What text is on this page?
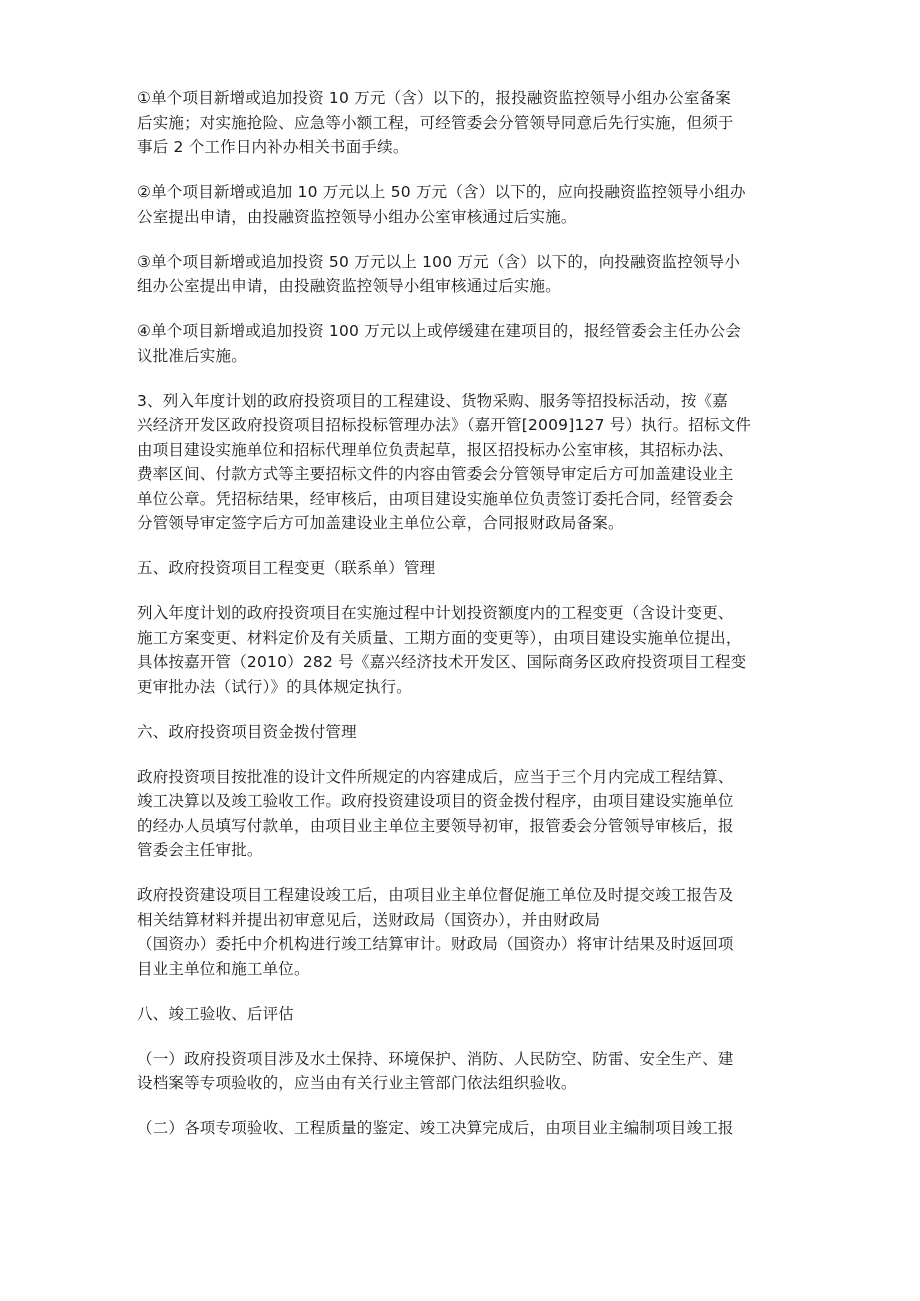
①单个项目新增或追加投资 10 万元（含）以下的，报投融资监控领导小组办公室备案
后实施；对实施抢险、应急等小额工程，可经管委会分管领导同意后先行实施，但须于
事后 2 个工作日内补办相关书面手续。
②单个项目新增或追加 10 万元以上 50 万元（含）以下的，应向投融资监控领导小组办
公室提出申请，由投融资监控领导小组办公室审核通过后实施。
③单个项目新增或追加投资 50 万元以上 100 万元（含）以下的，向投融资监控领导小
组办公室提出申请，由投融资监控领导小组审核通过后实施。
④单个项目新增或追加投资 100 万元以上或停缓建在建项目的，报经管委会主任办公会
议批准后实施。
3、列入年度计划的政府投资项目的工程建设、货物采购、服务等招投标活动，按《嘉
兴经济开发区政府投资项目招标投标管理办法》（嘉开管[2009]127 号）执行。招标文件
由项目建设实施单位和招标代理单位负责起草，报区招投标办公室审核，其招标办法、
费率区间、付款方式等主要招标文件的内容由管委会分管领导审定后方可加盖建设业主
单位公章。凭招标结果，经审核后，由项目建设实施单位负责签订委托合同，经管委会
分管领导审定签字后方可加盖建设业主单位公章，合同报财政局备案。
五、政府投资项目工程变更（联系单）管理
列入年度计划的政府投资项目在实施过程中计划投资额度内的工程变更（含设计变更、
施工方案变更、材料定价及有关质量、工期方面的变更等），由项目建设实施单位提出，
具体按嘉开管（2010）282 号《嘉兴经济技术开发区、国际商务区政府投资项目工程变
更审批办法（试行）》的具体规定执行。
六、政府投资项目资金拨付管理
政府投资项目按批准的设计文件所规定的内容建成后，应当于三个月内完成工程结算、
竣工决算以及竣工验收工作。政府投资建设项目的资金拨付程序，由项目建设实施单位
的经办人员填写付款单，由项目业主单位主要领导初审，报管委会分管领导审核后，报
管委会主任审批。
政府投资建设项目工程建设竣工后，由项目业主单位督促施工单位及时提交竣工报告及
相关结算材料并提出初审意见后，送财政局（国资办），并由财政局
（国资办）委托中介机构进行竣工结算审计。财政局（国资办）将审计结果及时返回项
目业主单位和施工单位。
八、竣工验收、后评估
（一）政府投资项目涉及水土保持、环境保护、消防、人民防空、防雷、安全生产、建
设档案等专项验收的，应当由有关行业主管部门依法组织验收。
（二）各项专项验收、工程质量的鉴定、竣工决算完成后，由项目业主编制项目竣工报
